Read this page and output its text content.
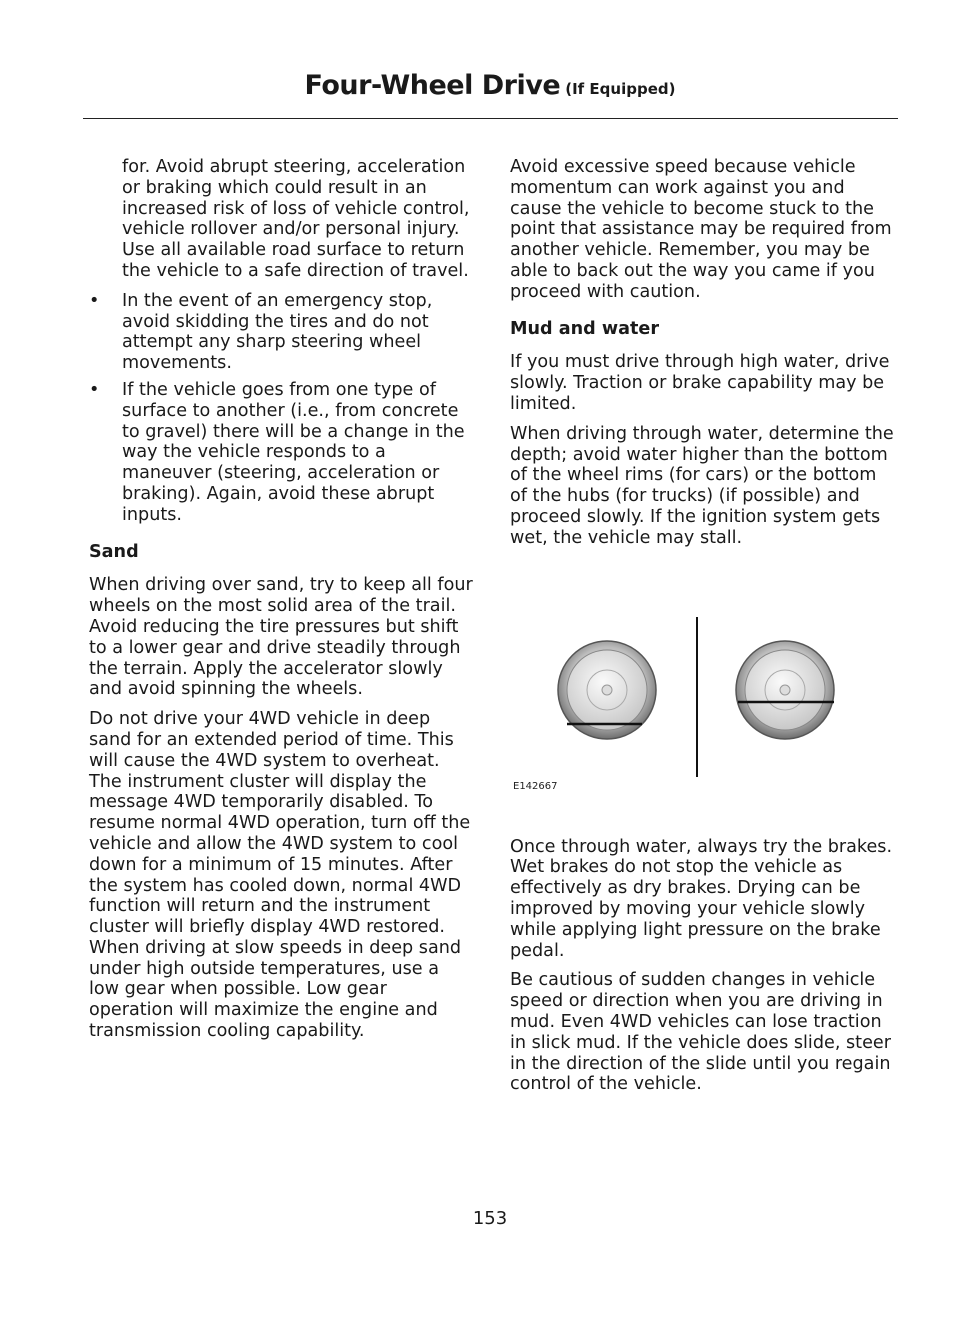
Four-Wheel Drive (If Equipped)

for. Avoid abrupt steering, acceleration or braking which could result in an increased risk of loss of vehicle control, vehicle rollover and/or personal injury. Use all available road surface to return the vehicle to a safe direction of travel.

• In the event of an emergency stop, avoid skidding the tires and do not attempt any sharp steering wheel movements.
• If the vehicle goes from one type of surface to another (i.e., from concrete to gravel) there will be a change in the way the vehicle responds to a maneuver (steering, acceleration or braking). Again, avoid these abrupt inputs.
Sand

When driving over sand, try to keep all four wheels on the most solid area of the trail. Avoid reducing the tire pressures but shift to a lower gear and drive steadily through the terrain. Apply the accelerator slowly and avoid spinning the wheels.

Do not drive your 4WD vehicle in deep sand for an extended period of time. This will cause the 4WD system to overheat. The instrument cluster will display the message 4WD temporarily disabled. To resume normal 4WD operation, turn off the vehicle and allow the 4WD system to cool down for a minimum of 15 minutes. After the system has cooled down, normal 4WD function will return and the instrument cluster will briefly display 4WD restored. When driving at slow speeds in deep sand under high outside temperatures, use a low gear when possible. Low gear operation will maximize the engine and transmission cooling capability.

Avoid excessive speed because vehicle momentum can work against you and cause the vehicle to become stuck to the point that assistance may be required from another vehicle. Remember, you may be able to back out the way you came if you proceed with caution.

Mud and water

If you must drive through high water, drive slowly. Traction or brake capability may be limited.

When driving through water, determine the depth; avoid water higher than the bottom of the wheel rims (for cars) or the bottom of the hubs (for trucks) (if possible) and proceed slowly. If the ignition system gets wet, the vehicle may stall.

E142667

Once through water, always try the brakes. Wet brakes do not stop the vehicle as effectively as dry brakes. Drying can be improved by moving your vehicle slowly while applying light pressure on the brake pedal.

Be cautious of sudden changes in vehicle speed or direction when you are driving in mud. Even 4WD vehicles can lose traction in slick mud. If the vehicle does slide, steer in the direction of the slide until you regain control of the vehicle.

153
